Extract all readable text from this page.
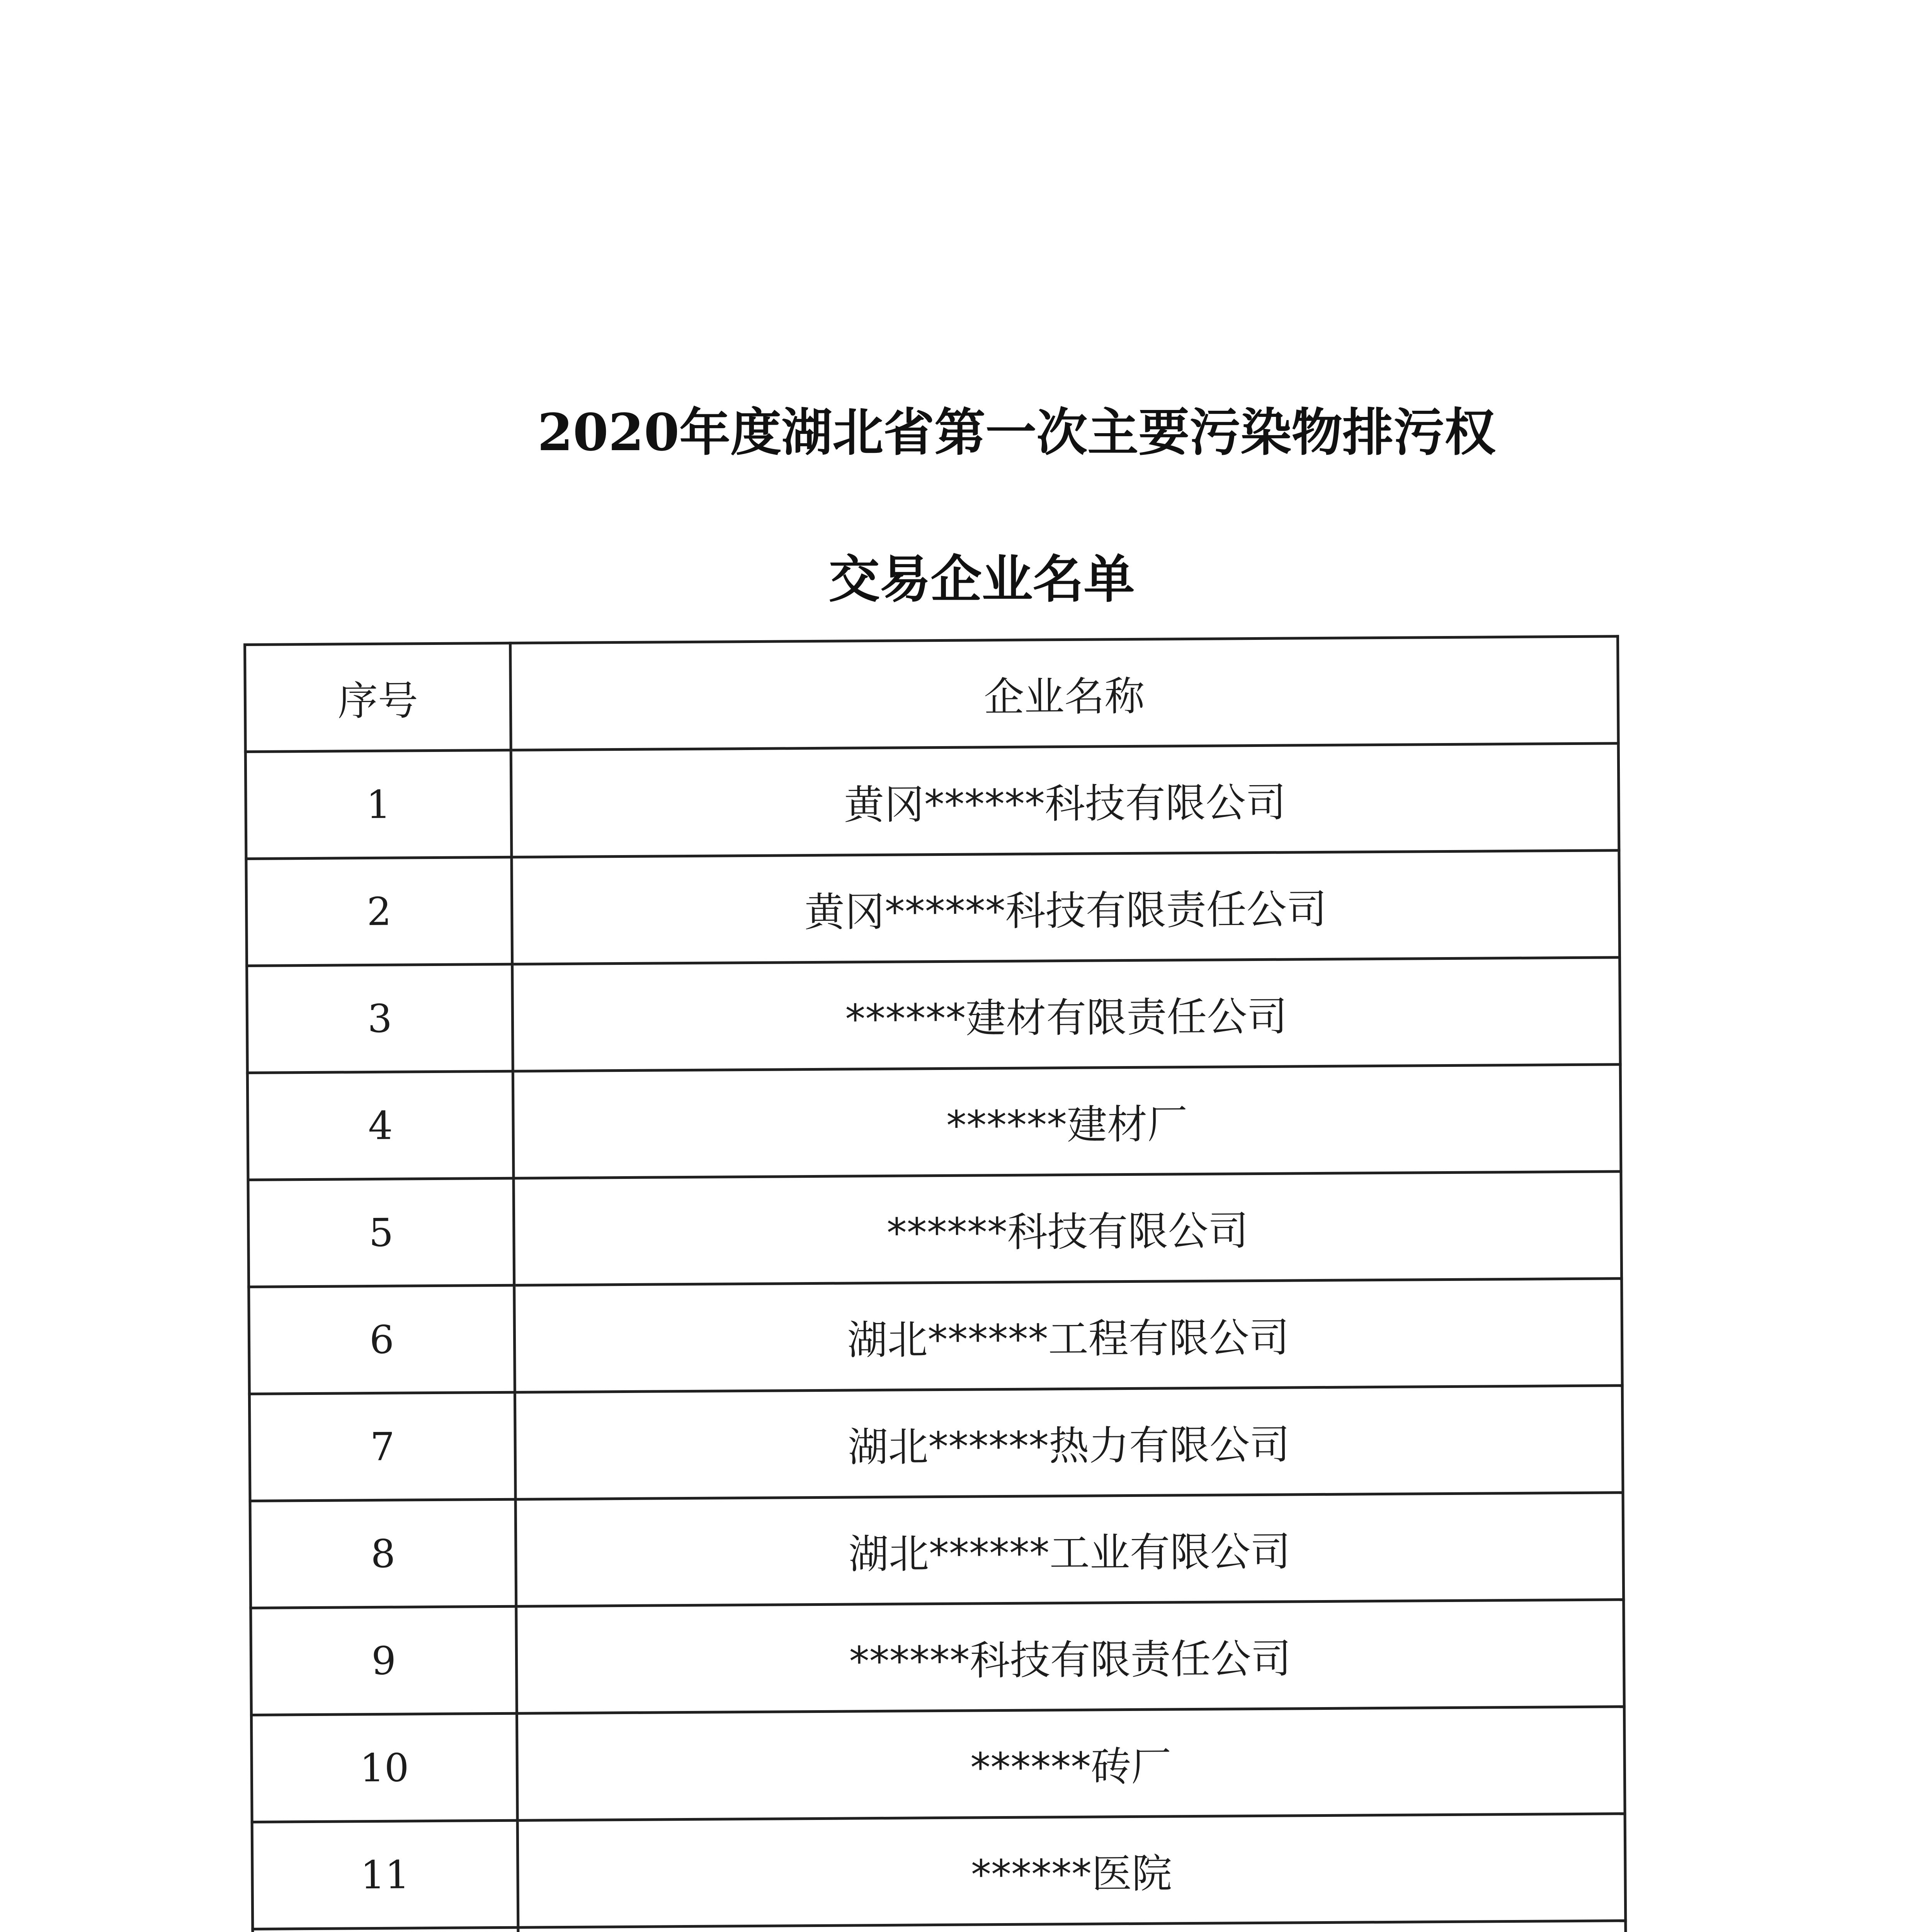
2020年度湖北省第一次主要污染物排污权
交易企业名单
序号	企业名称
1	黄冈******科技有限公司
2	黄冈******科技有限责任公司
3	******建材有限责任公司
4	******建材厂
5	******科技有限公司
6	湖北******工程有限公司
7	湖北******热力有限公司
8	湖北******工业有限公司
9	******科技有限责任公司
10	******砖厂
11	******医院
